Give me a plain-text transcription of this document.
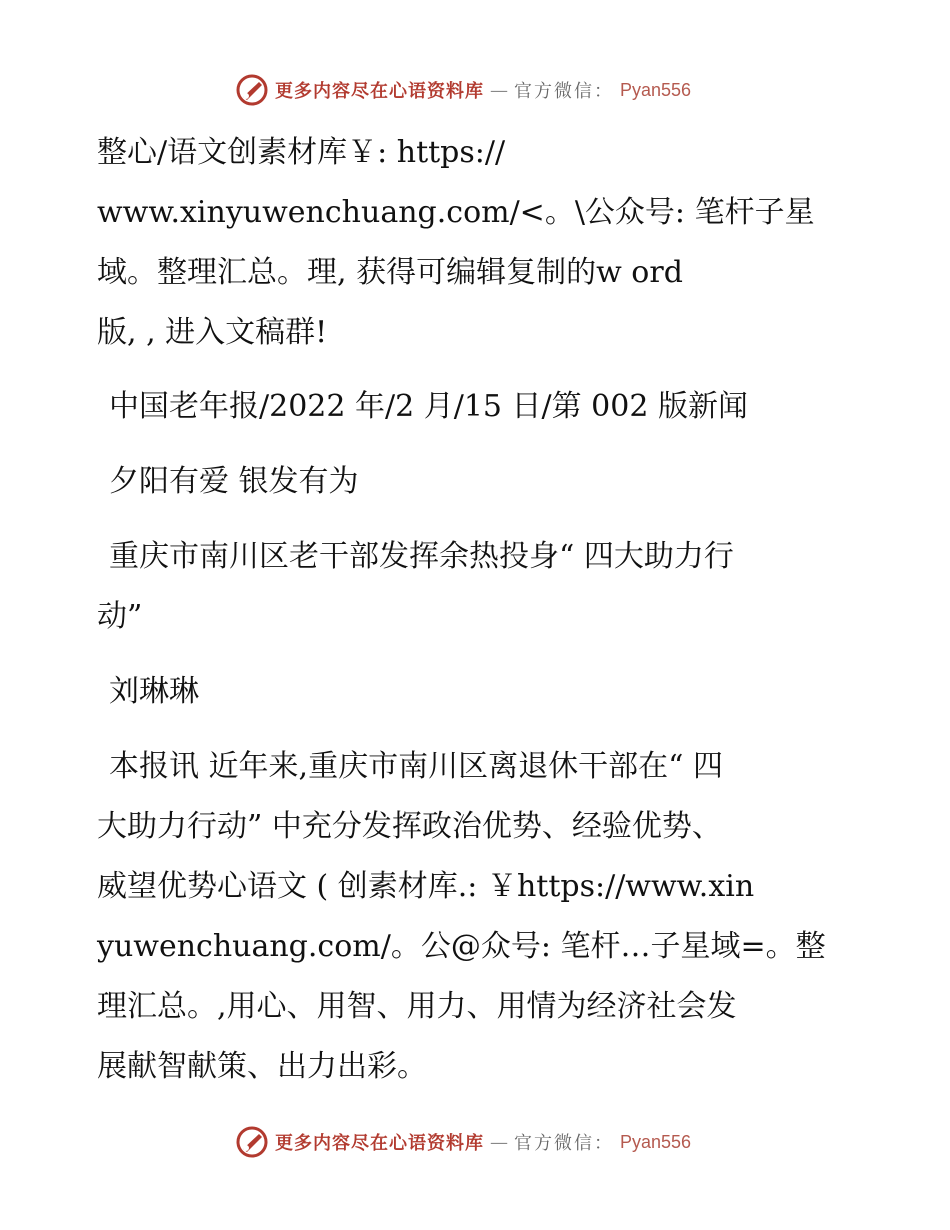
更多内容尽在心语资料库 — 官方微信： Pyan556
整心/语文创素材库￥: https://
www.xinyuwenchuang.com/<。\公众号: 笔杆子星
域。整理汇总。理, 获得可编辑复制的w ord
版, , 进入文稿群!
中国老年报/2022 年/2 月/15 日/第 002 版新闻
夕阳有爱 银发有为
重庆市南川区老干部发挥余热投身“ 四大助力行
动”
刘琳琳
本报讯 近年来,重庆市南川区离退休干部在“ 四
大助力行动” 中充分发挥政治优势、经验优势、
威望优势心语文 ( 创素材库.: ￥https://www.xin
yuwenchuang.com/。公@众号: 笔杆…子星域=。整
理汇总。,用心、用智、用力、用情为经济社会发
展献智献策、出力出彩。
更多内容尽在心语资料库 — 官方微信： Pyan556
